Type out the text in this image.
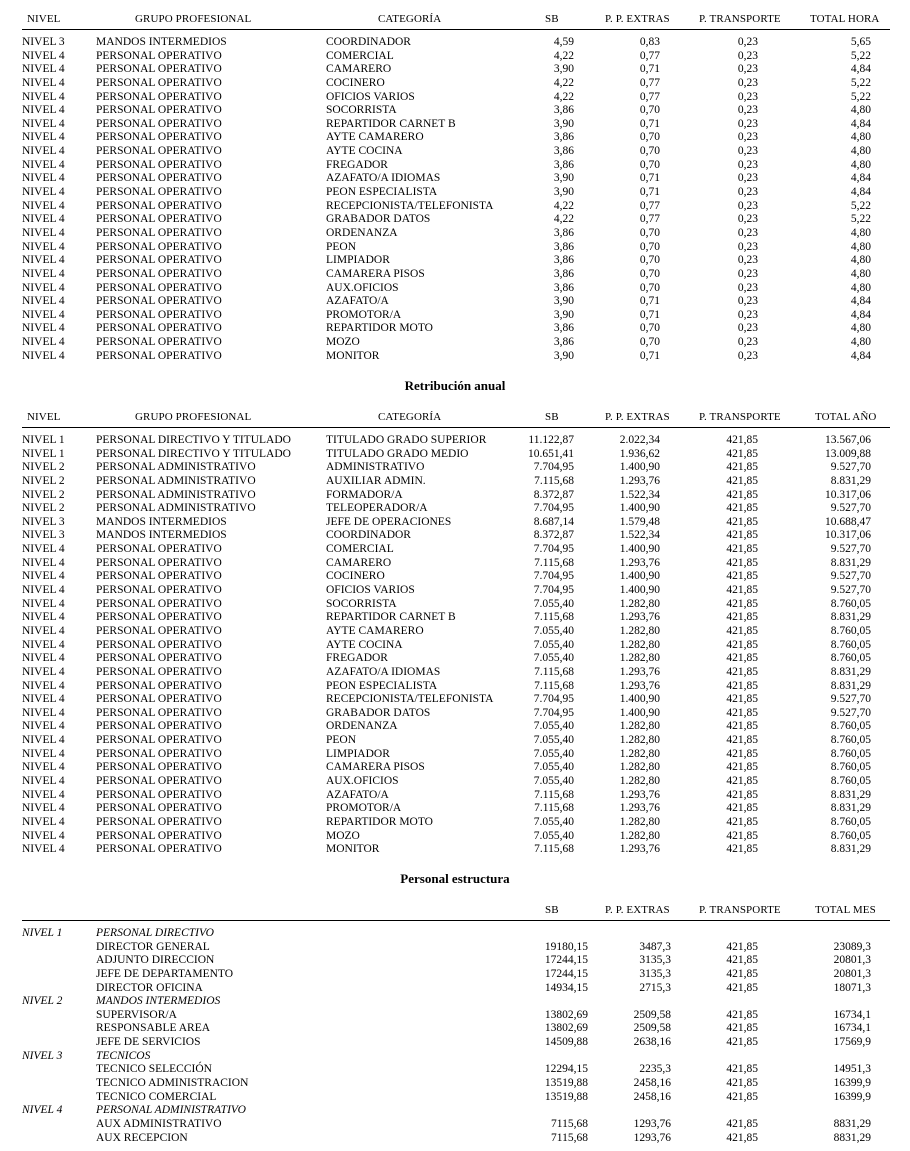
NIVEL	GRUPO PROFESIONAL	CATEGORÍA	SB	P. P. EXTRAS	P. TRANSPORTE	TOTAL HORA
NIVEL 3	MANDOS INTERMEDIOS	COORDINADOR	4,59	0,83	0,23	5,65
NIVEL 4	PERSONAL OPERATIVO	COMERCIAL	4,22	0,77	0,23	5,22
NIVEL 4	PERSONAL OPERATIVO	CAMARERO	3,90	0,71	0,23	4,84
NIVEL 4	PERSONAL OPERATIVO	COCINERO	4,22	0,77	0,23	5,22
NIVEL 4	PERSONAL OPERATIVO	OFICIOS VARIOS	4,22	0,77	0,23	5,22
NIVEL 4	PERSONAL OPERATIVO	SOCORRISTA	3,86	0,70	0,23	4,80
NIVEL 4	PERSONAL OPERATIVO	REPARTIDOR CARNET B	3,90	0,71	0,23	4,84
NIVEL 4	PERSONAL OPERATIVO	AYTE CAMARERO	3,86	0,70	0,23	4,80
NIVEL 4	PERSONAL OPERATIVO	AYTE COCINA	3,86	0,70	0,23	4,80
NIVEL 4	PERSONAL OPERATIVO	FREGADOR	3,86	0,70	0,23	4,80
NIVEL 4	PERSONAL OPERATIVO	AZAFATO/A IDIOMAS	3,90	0,71	0,23	4,84
NIVEL 4	PERSONAL OPERATIVO	PEON ESPECIALISTA	3,90	0,71	0,23	4,84
NIVEL 4	PERSONAL OPERATIVO	RECEPCIONISTA/TELEFONISTA	4,22	0,77	0,23	5,22
NIVEL 4	PERSONAL OPERATIVO	GRABADOR DATOS	4,22	0,77	0,23	5,22
NIVEL 4	PERSONAL OPERATIVO	ORDENANZA	3,86	0,70	0,23	4,80
NIVEL 4	PERSONAL OPERATIVO	PEON	3,86	0,70	0,23	4,80
NIVEL 4	PERSONAL OPERATIVO	LIMPIADOR	3,86	0,70	0,23	4,80
NIVEL 4	PERSONAL OPERATIVO	CAMARERA PISOS	3,86	0,70	0,23	4,80
NIVEL 4	PERSONAL OPERATIVO	AUX.OFICIOS	3,86	0,70	0,23	4,80
NIVEL 4	PERSONAL OPERATIVO	AZAFATO/A	3,90	0,71	0,23	4,84
NIVEL 4	PERSONAL OPERATIVO	PROMOTOR/A	3,90	0,71	0,23	4,84
NIVEL 4	PERSONAL OPERATIVO	REPARTIDOR MOTO	3,86	0,70	0,23	4,80
NIVEL 4	PERSONAL OPERATIVO	MOZO	3,86	0,70	0,23	4,80
NIVEL 4	PERSONAL OPERATIVO	MONITOR	3,90	0,71	0,23	4,84
Retribución anual
NIVEL	GRUPO PROFESIONAL	CATEGORÍA	SB	P. P. EXTRAS	P. TRANSPORTE	TOTAL AÑO
NIVEL 1	PERSONAL DIRECTIVO Y TITULADO	TITULADO GRADO SUPERIOR	11.122,87	2.022,34	421,85	13.567,06
NIVEL 1	PERSONAL DIRECTIVO Y TITULADO	TITULADO GRADO MEDIO	10.651,41	1.936,62	421,85	13.009,88
NIVEL 2	PERSONAL ADMINISTRATIVO	ADMINISTRATIVO	7.704,95	1.400,90	421,85	9.527,70
NIVEL 2	PERSONAL ADMINISTRATIVO	AUXILIAR ADMIN.	7.115,68	1.293,76	421,85	8.831,29
NIVEL 2	PERSONAL ADMINISTRATIVO	FORMADOR/A	8.372,87	1.522,34	421,85	10.317,06
NIVEL 2	PERSONAL ADMINISTRATIVO	TELEOPERADOR/A	7.704,95	1.400,90	421,85	9.527,70
NIVEL 3	MANDOS INTERMEDIOS	JEFE DE OPERACIONES	8.687,14	1.579,48	421,85	10.688,47
NIVEL 3	MANDOS INTERMEDIOS	COORDINADOR	8.372,87	1.522,34	421,85	10.317,06
NIVEL 4	PERSONAL OPERATIVO	COMERCIAL	7.704,95	1.400,90	421,85	9.527,70
NIVEL 4	PERSONAL OPERATIVO	CAMARERO	7.115,68	1.293,76	421,85	8.831,29
NIVEL 4	PERSONAL OPERATIVO	COCINERO	7.704,95	1.400,90	421,85	9.527,70
NIVEL 4	PERSONAL OPERATIVO	OFICIOS VARIOS	7.704,95	1.400,90	421,85	9.527,70
NIVEL 4	PERSONAL OPERATIVO	SOCORRISTA	7.055,40	1.282,80	421,85	8.760,05
NIVEL 4	PERSONAL OPERATIVO	REPARTIDOR CARNET B	7.115,68	1.293,76	421,85	8.831,29
NIVEL 4	PERSONAL OPERATIVO	AYTE CAMARERO	7.055,40	1.282,80	421,85	8.760,05
NIVEL 4	PERSONAL OPERATIVO	AYTE COCINA	7.055,40	1.282,80	421,85	8.760,05
NIVEL 4	PERSONAL OPERATIVO	FREGADOR	7.055,40	1.282,80	421,85	8.760,05
NIVEL 4	PERSONAL OPERATIVO	AZAFATO/A IDIOMAS	7.115,68	1.293,76	421,85	8.831,29
NIVEL 4	PERSONAL OPERATIVO	PEON ESPECIALISTA	7.115,68	1.293,76	421,85	8.831,29
NIVEL 4	PERSONAL OPERATIVO	RECEPCIONISTA/TELEFONISTA	7.704,95	1.400,90	421,85	9.527,70
NIVEL 4	PERSONAL OPERATIVO	GRABADOR DATOS	7.704,95	1.400,90	421,85	9.527,70
NIVEL 4	PERSONAL OPERATIVO	ORDENANZA	7.055,40	1.282,80	421,85	8.760,05
NIVEL 4	PERSONAL OPERATIVO	PEON	7.055,40	1.282,80	421,85	8.760,05
NIVEL 4	PERSONAL OPERATIVO	LIMPIADOR	7.055,40	1.282,80	421,85	8.760,05
NIVEL 4	PERSONAL OPERATIVO	CAMARERA PISOS	7.055,40	1.282,80	421,85	8.760,05
NIVEL 4	PERSONAL OPERATIVO	AUX.OFICIOS	7.055,40	1.282,80	421,85	8.760,05
NIVEL 4	PERSONAL OPERATIVO	AZAFATO/A	7.115,68	1.293,76	421,85	8.831,29
NIVEL 4	PERSONAL OPERATIVO	PROMOTOR/A	7.115,68	1.293,76	421,85	8.831,29
NIVEL 4	PERSONAL OPERATIVO	REPARTIDOR MOTO	7.055,40	1.282,80	421,85	8.760,05
NIVEL 4	PERSONAL OPERATIVO	MOZO	7.055,40	1.282,80	421,85	8.760,05
NIVEL 4	PERSONAL OPERATIVO	MONITOR	7.115,68	1.293,76	421,85	8.831,29
Personal estructura
SB	P. P. EXTRAS	P. TRANSPORTE	TOTAL MES
NIVEL 1	PERSONAL DIRECTIVO
DIRECTOR GENERAL	19180,15	3487,3	421,85	23089,3
ADJUNTO DIRECCION	17244,15	3135,3	421,85	20801,3
JEFE DE DEPARTAMENTO	17244,15	3135,3	421,85	20801,3
DIRECTOR OFICINA	14934,15	2715,3	421,85	18071,3
NIVEL 2	MANDOS INTERMEDIOS
SUPERVISOR/A	13802,69	2509,58	421,85	16734,1
RESPONSABLE AREA	13802,69	2509,58	421,85	16734,1
JEFE DE SERVICIOS	14509,88	2638,16	421,85	17569,9
NIVEL 3	TECNICOS
TECNICO SELECCIÓN	12294,15	2235,3	421,85	14951,3
TECNICO ADMINISTRACION	13519,88	2458,16	421,85	16399,9
TECNICO COMERCIAL	13519,88	2458,16	421,85	16399,9
NIVEL 4	PERSONAL ADMINISTRATIVO
AUX ADMINISTRATIVO	7115,68	1293,76	421,85	8831,29
AUX RECEPCION	7115,68	1293,76	421,85	8831,29
